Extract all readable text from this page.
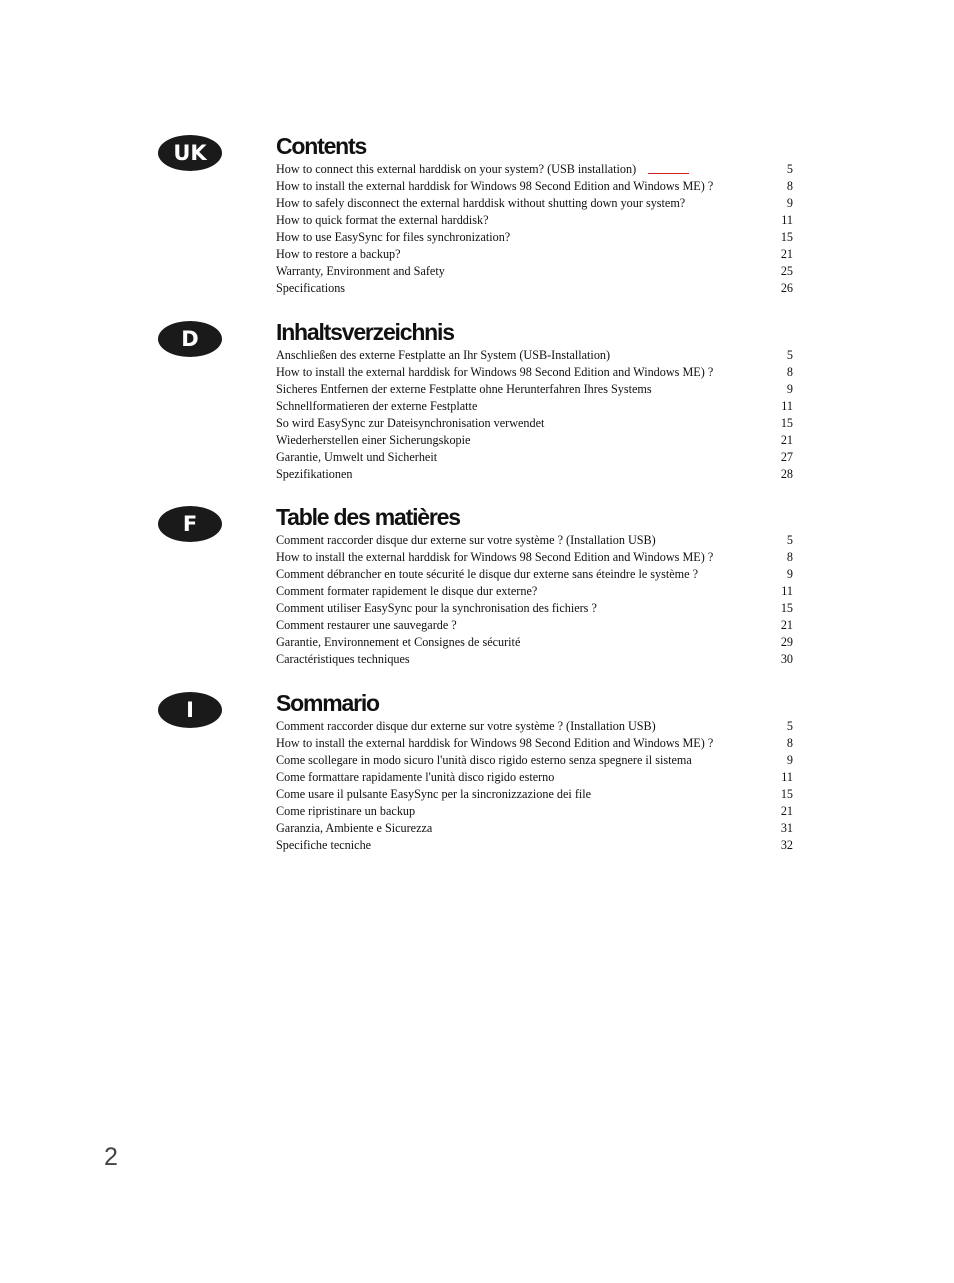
UK	Contents
How to connect this external harddisk on your system? (USB installation)	5
How to install the external harddisk for Windows 98 Second Edition and Windows ME) ?	8
How to safely disconnect the external harddisk without shutting down your system?	9
How to quick format the external harddisk?	11
How to use EasySync for files synchronization?	15
How to restore a backup?	21
Warranty, Environment and Safety	25
Specifications	26
D	Inhaltsverzeichnis
Anschließen des externe Festplatte an Ihr System (USB-Installation)	5
How to install the external harddisk for Windows 98 Second Edition and Windows ME) ?	8
Sicheres Entfernen der externe Festplatte ohne Herunterfahren Ihres Systems	9
Schnellformatieren der externe Festplatte	11
So wird EasySync zur Dateisynchronisation verwendet	15
Wiederherstellen einer Sicherungskopie	21
Garantie, Umwelt und Sicherheit	27
Spezifikationen	28
F	Table des matières
Comment raccorder disque dur externe sur votre système ? (Installation USB)	5
How to install the external harddisk for Windows 98 Second Edition and Windows ME) ?	8
Comment débrancher en toute sécurité le disque dur externe sans éteindre le système ?	9
Comment formater rapidement le disque dur externe?	11
Comment utiliser EasySync pour la synchronisation des fichiers ?	15
Comment restaurer une sauvegarde ?	21
Garantie, Environnement et Consignes de sécurité	29
Caractéristiques techniques	30
I	Sommario
Comment raccorder disque dur externe sur votre système ? (Installation USB)	5
How to install the external harddisk for Windows 98 Second Edition and Windows ME) ?	8
Come scollegare in modo sicuro l'unità disco rigido esterno senza spegnere il sistema	9
Come formattare rapidamente l'unità disco rigido esterno	11
Come usare il pulsante EasySync per la sincronizzazione dei file	15
Come ripristinare un backup	21
Garanzia, Ambiente e Sicurezza	31
Specifiche tecniche	32
2
